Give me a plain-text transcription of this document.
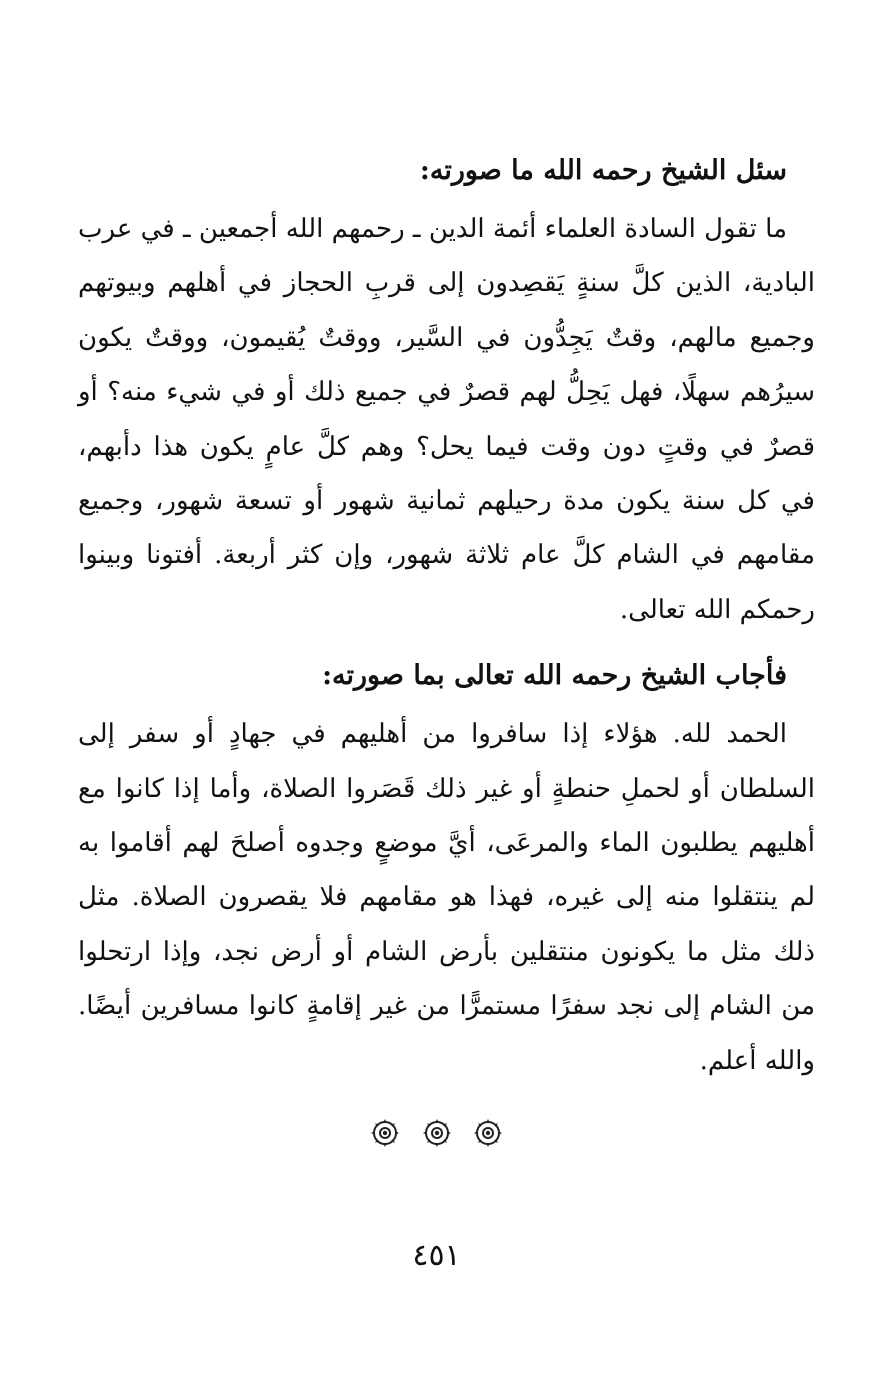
سئل الشيخ رحمه الله ما صورته:
ما تقول السادة العلماء أئمة الدين ـ رحمهم الله أجمعين ـ في عرب البادية، الذين كلَّ سنةٍ يَقصِدون إلى قربِ الحجاز في أهلهم وبيوتهم وجميع مالهم، وقتٌ يَجِدُّون في السَّير، ووقتٌ يُقيمون، ووقتٌ يكون سيرُهم سهلًا، فهل يَحِلُّ لهم قصرٌ في جميع ذلك أو في شيء منه؟ أو قصرٌ في وقتٍ دون وقت فيما يحل؟ وهم كلَّ عامٍ يكون هذا دأبهم، في كل سنة يكون مدة رحيلهم ثمانية شهور أو تسعة شهور، وجميع مقامهم في الشام كلَّ عام ثلاثة شهور، وإن كثر أربعة. أفتونا وبينوا رحمكم الله تعالى.
فأجاب الشيخ رحمه الله تعالى بما صورته:
الحمد لله. هؤلاء إذا سافروا من أهليهم في جهادٍ أو سفر إلى السلطان أو لحملِ حنطةٍ أو غير ذلك قَصَروا الصلاة، وأما إذا كانوا مع أهليهم يطلبون الماء والمرعَى، أيَّ موضعٍ وجدوه أصلحَ لهم أقاموا به لم ينتقلوا منه إلى غيره، فهذا هو مقامهم فلا يقصرون الصلاة. مثل ذلك مثل ما يكونون منتقلين بأرض الشام أو أرض نجد، وإذا ارتحلوا من الشام إلى نجد سفرًا مستمرًّا من غير إقامةٍ كانوا مسافرين أيضًا. والله أعلم.

٤٥١
